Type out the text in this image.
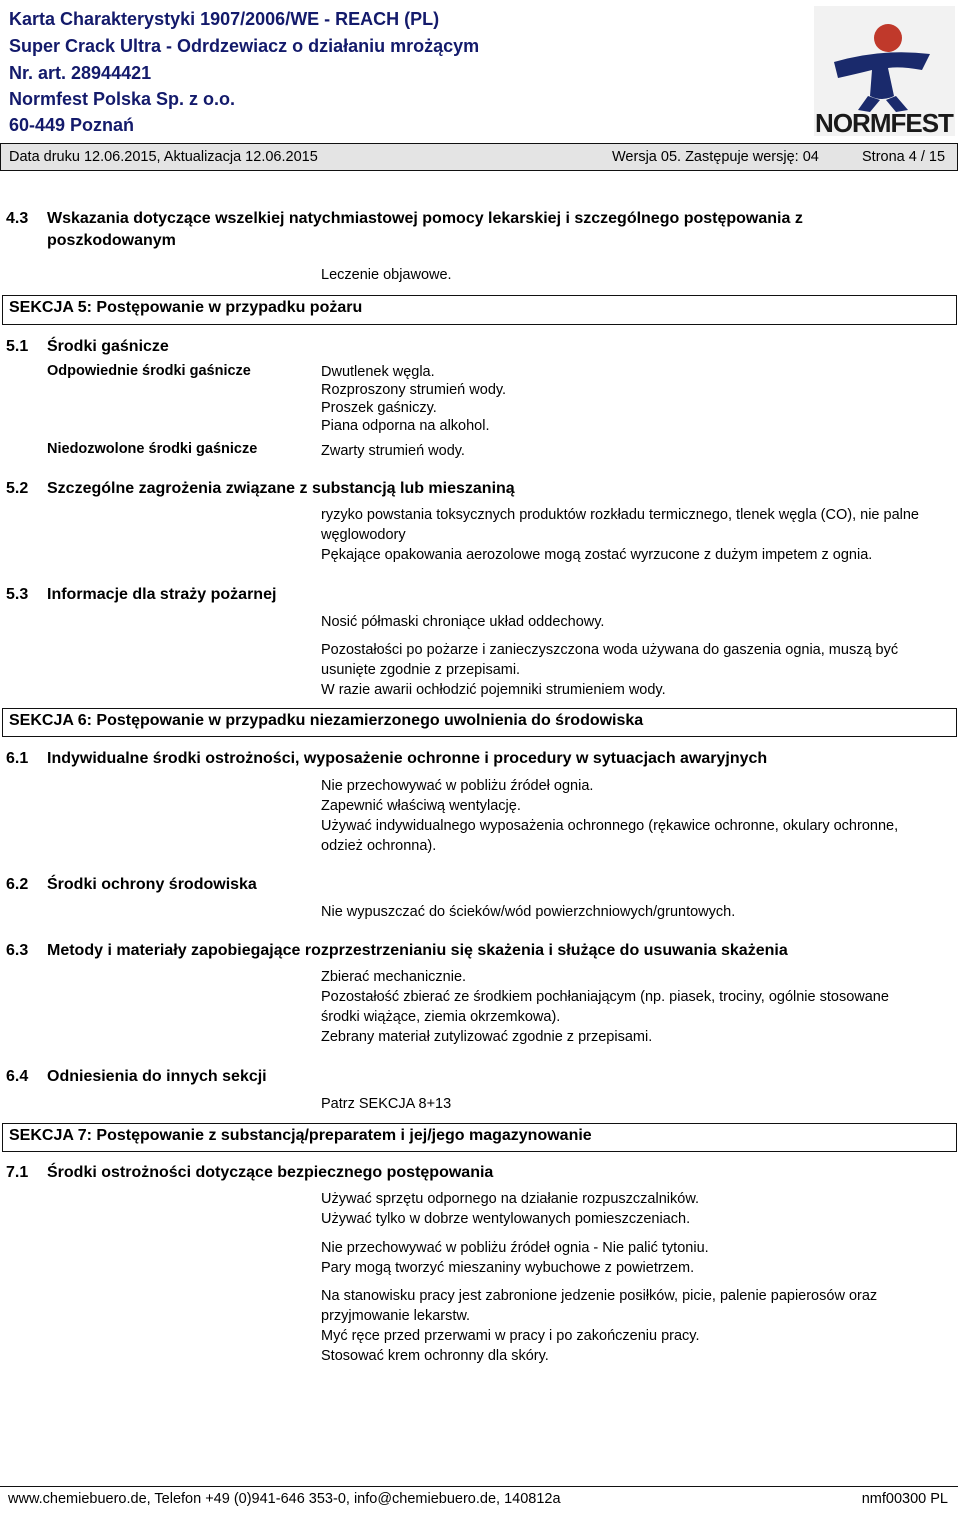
Karta Charakterystyki 1907/2006/WE - REACH (PL)
Super Crack Ultra - Odrdzewiacz o działaniu mrożącym
Nr. art. 28944421
Normfest Polska Sp. z o.o.
60-449 Poznań	NORMFEST
Data druku 12.06.2015, Aktualizacja 12.06.2015	Wersja 05. Zastępuje wersję: 04	Strona 4 / 15
4.3 Wskazania dotyczące wszelkiej natychmiastowej pomocy lekarskiej i szczególnego postępowania z
poszkodowanym
Leczenie objawowe.
SEKCJA 5: Postępowanie w przypadku pożaru
5.1 Środki gaśnicze
Odpowiednie środki gaśnicze	Dwutlenek węgla.
Rozproszony strumień wody.
Proszek gaśniczy.
Piana odporna na alkohol.
Niedozwolone środki gaśnicze	Zwarty strumień wody.
5.2 Szczególne zagrożenia związane z substancją lub mieszaniną
ryzyko powstania toksycznych produktów rozkładu termicznego, tlenek węgla (CO), nie palne
węglowodory
Pękające opakowania aerozolowe mogą zostać wyrzucone z dużym impetem z ognia.
5.3 Informacje dla straży pożarnej
Nosić półmaski chroniące układ oddechowy.
Pozostałości po pożarze i zanieczyszczona woda używana do gaszenia ognia, muszą być
usunięte zgodnie z przepisami.
W razie awarii ochłodzić pojemniki strumieniem wody.
SEKCJA 6: Postępowanie w przypadku niezamierzonego uwolnienia do środowiska
6.1 Indywidualne środki ostrożności, wyposażenie ochronne i procedury w sytuacjach awaryjnych
Nie przechowywać w pobliżu źródeł ognia.
Zapewnić właściwą wentylację.
Używać indywidualnego wyposażenia ochronnego (rękawice ochronne, okulary ochronne,
odzież ochronna).
6.2 Środki ochrony środowiska
Nie wypuszczać do ścieków/wód powierzchniowych/gruntowych.
6.3 Metody i materiały zapobiegające rozprzestrzenianiu się skażenia i służące do usuwania skażenia
Zbierać mechanicznie.
Pozostałość zbierać ze środkiem pochłaniającym (np. piasek, trociny, ogólnie stosowane
środki wiążące, ziemia okrzemkowa).
Zebrany materiał zutylizować zgodnie z przepisami.
6.4 Odniesienia do innych sekcji
Patrz SEKCJA 8+13
SEKCJA 7: Postępowanie z substancją/preparatem i jej/jego magazynowanie
7.1 Środki ostrożności dotyczące bezpiecznego postępowania
Używać sprzętu odpornego na działanie rozpuszczalników.
Używać tylko w dobrze wentylowanych pomieszczeniach.
Nie przechowywać w pobliżu źródeł ognia - Nie palić tytoniu.
Pary mogą tworzyć mieszaniny wybuchowe z powietrzem.
Na stanowisku pracy jest zabronione jedzenie posiłków, picie, palenie papierosów oraz
przyjmowanie lekarstw.
Myć ręce przed przerwami w pracy i po zakończeniu pracy.
Stosować krem ochronny dla skóry.
www.chemiebuero.de, Telefon +49 (0)941-646 353-0, info@chemiebuero.de, 140812a	nmf00300 PL
